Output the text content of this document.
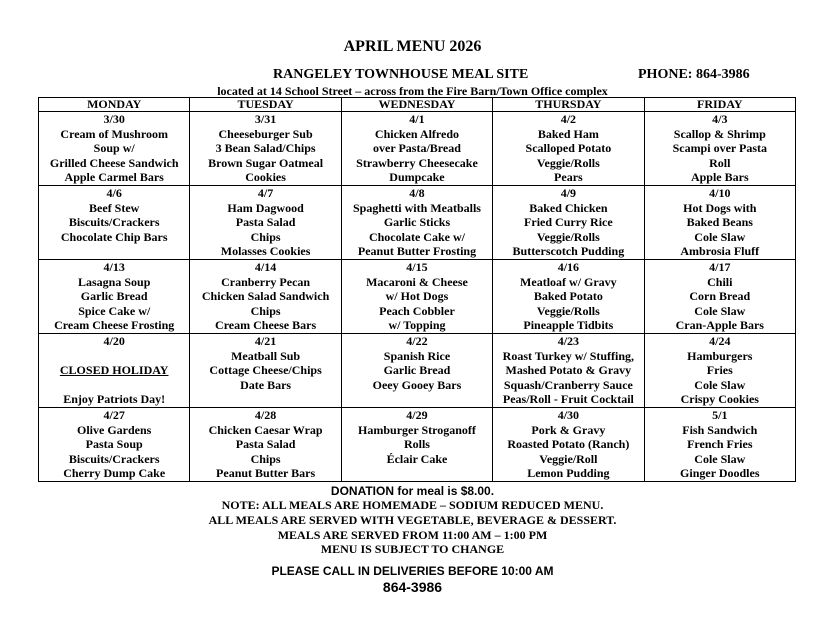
APRIL MENU 2026
RANGELEY TOWNHOUSE MEAL SITE	PHONE: 864-3986
located at 14 School Street – across from the Fire Barn/Town Office complex
MONDAY	TUESDAY	WEDNESDAY	THURSDAY	FRIDAY

3/30
Cream of Mushroom
Soup w/
Grilled Cheese Sandwich
Apple Carmel Bars	3/31
Cheeseburger Sub
3 Bean Salad/Chips
Brown Sugar Oatmeal
Cookies	4/1
Chicken Alfredo
over Pasta/Bread
Strawberry Cheesecake
Dumpcake	4/2
Baked Ham
Scalloped Potato
Veggie/Rolls
Pears	4/3
Scallop & Shrimp
Scampi over Pasta
Roll
Apple Bars

4/6
Beef Stew
Biscuits/Crackers
Chocolate Chip Bars	4/7
Ham Dagwood
Pasta Salad
Chips
Molasses Cookies	4/8
Spaghetti with Meatballs
Garlic Sticks
Chocolate Cake w/
Peanut Butter Frosting	4/9
Baked Chicken
Fried Curry Rice
Veggie/Rolls
Butterscotch Pudding	4/10
Hot Dogs with
Baked Beans
Cole Slaw
Ambrosia Fluff

4/13
Lasagna Soup
Garlic Bread
Spice Cake w/
Cream Cheese Frosting	4/14
Cranberry Pecan
Chicken Salad Sandwich
Chips
Cream Cheese Bars	4/15
Macaroni & Cheese
w/ Hot Dogs
Peach Cobbler
w/ Topping	4/16
Meatloaf w/ Gravy
Baked Potato
Veggie/Rolls
Pineapple Tidbits	4/17
Chili
Corn Bread
Cole Slaw
Cran-Apple Bars

4/20

CLOSED HOLIDAY

Enjoy Patriots Day!	4/21
Meatball Sub
Cottage Cheese/Chips
Date Bars	4/22
Spanish Rice
Garlic Bread
Oeey Gooey Bars	4/23
Roast Turkey w/ Stuffing,
Mashed Potato & Gravy
Squash/Cranberry Sauce
Peas/Roll - Fruit Cocktail	4/24
Hamburgers
Fries
Cole Slaw
Crispy Cookies

4/27
Olive Gardens
Pasta Soup
Biscuits/Crackers
Cherry Dump Cake	4/28
Chicken Caesar Wrap
Pasta Salad
Chips
Peanut Butter Bars	4/29
Hamburger Stroganoff
Rolls
Éclair Cake	4/30
Pork & Gravy
Roasted Potato (Ranch)
Veggie/Roll
Lemon Pudding	5/1
Fish Sandwich
French Fries
Cole Slaw
Ginger Doodles
DONATION for meal is $8.00.
NOTE: ALL MEALS ARE HOMEMADE – SODIUM REDUCED MENU.
ALL MEALS ARE SERVED WITH VEGETABLE, BEVERAGE & DESSERT.
MEALS ARE SERVED FROM 11:00 AM – 1:00 PM
MENU IS SUBJECT TO CHANGE
PLEASE CALL IN DELIVERIES BEFORE 10:00 AM
864-3986
